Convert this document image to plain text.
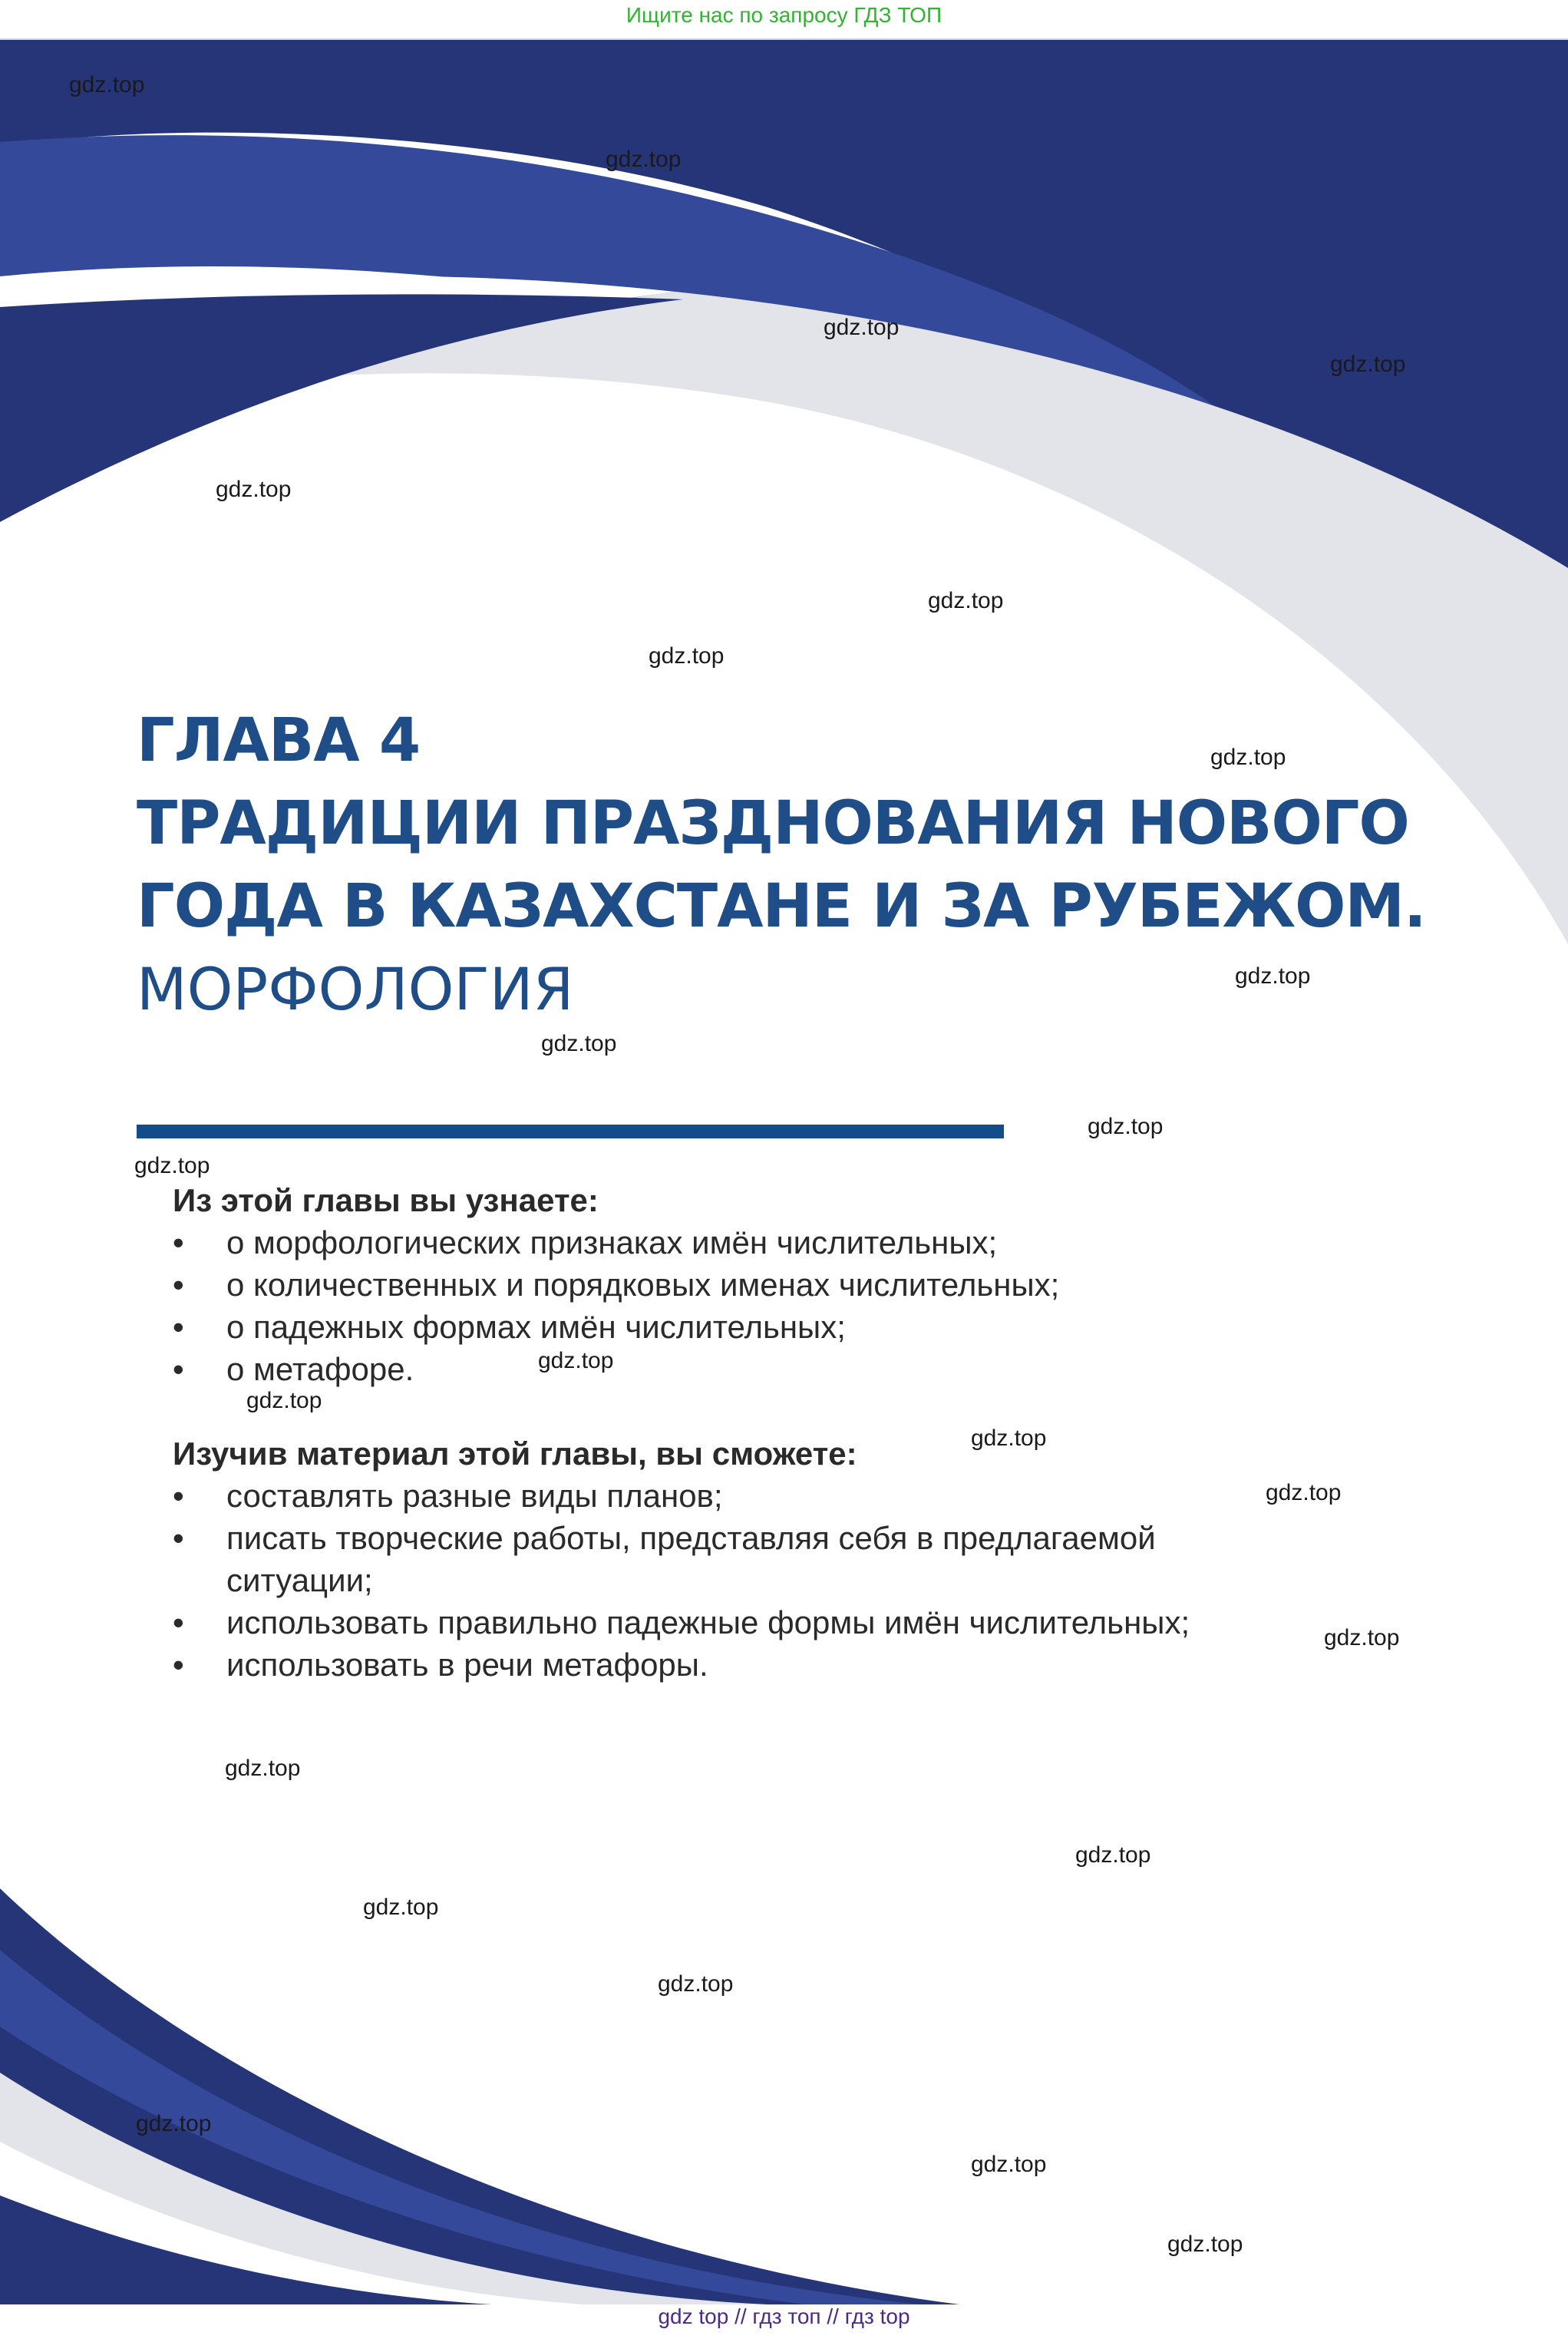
Ищите нас по запросу ГДЗ ТОП
ГЛАВА 4
ТРАДИЦИИ ПРАЗДНОВАНИЯ НОВОГО
ГОДА В КАЗАХСТАНЕ И ЗА РУБЕЖОМ.
МОРФОЛОГИЯ
Из этой главы вы узнаете:
• о морфологических признаках имён числительных;
• о количественных и порядковых именах числительных;
• о падежных формах имён числительных;
• о метафоре.
Изучив материал этой главы, вы сможете:
• составлять разные виды планов;
• писать творческие работы, представляя себя в предлагаемой
ситуации;
• использовать правильно падежные формы имён числительных;
• использовать в речи метафоры.
gdz.top
gdz.top
gdz.top
gdz.top
gdz.top
gdz.top
gdz.top
gdz.top
gdz.top
gdz.top
gdz.top
gdz.top
gdz.top
gdz.top
gdz.top
gdz.top
gdz.top
gdz.top
gdz.top
gdz.top
gdz.top
gdz.top
gdz.top
gdz.top
gdz top // гдз топ // гдз top
